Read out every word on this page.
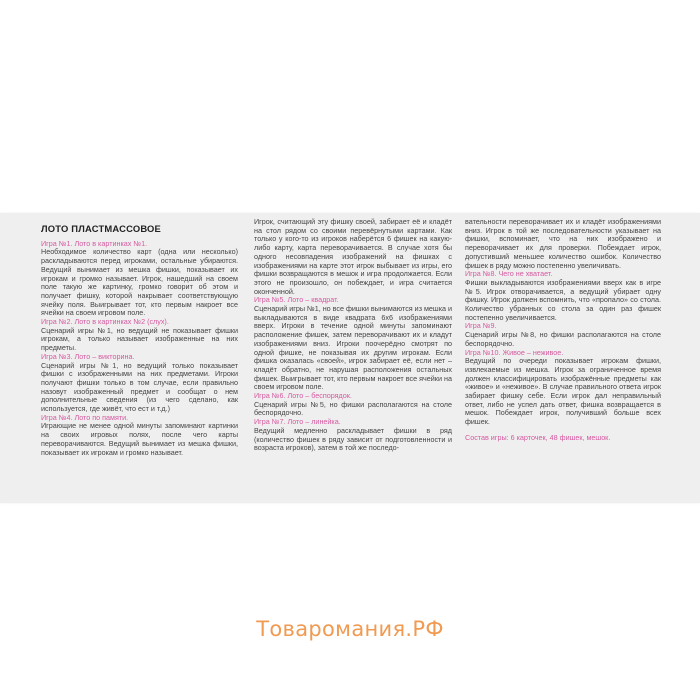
ЛОТО ПЛАСТМАССОВОЕ

Игра №1. Лото в картинках №1.
Необходимое количество карт (одна или несколько) раскладываются перед игроками, остальные убираются. Ведущий вынимает из мешка фишки, показывает их игрокам и громко называет. Игрок, нашедший на своем поле такую же картинку, громко говорит об этом и получает фишку, которой накрывает соответствующую ячейку поля. Выигрывает тот, кто первым накроет все ячейки на своем игровом поле.

Игра №2. Лото в картинках №2 (слух).
Сценарий игры №1, но ведущий не показывает фишки игрокам, а только называет изображенные на них предметы.

Игра №3. Лото – викторина.
Сценарий игры №1, но ведущий только показывает фишки с изображенными на них предметами. Игроки получают фишки только в том случае, если правильно назовут изображенный предмет и сообщат о нем дополнительные сведения (из чего сделано, как используется, где живёт, что ест и т.д.)

Игра №4. Лото по памяти.
Играющие не менее одной минуты запоминают картинки на своих игровых полях, после чего карты переворачиваются. Ведущий вынимает из мешка фишки, показывает их игрокам и громко называет.

Игрок, считающий эту фишку своей, забирает её и кладёт на стол рядом со своими перевёрнутыми картами. Как только у кого-то из игроков наберётся 6 фишек на какую-либо карту, карта переворачивается. В случае хотя бы одного несовпадения изображений на фишках с изображениями на карте этот игрок выбывает из игры, его фишки возвращаются в мешок и игра продолжается. Если этого не произошло, он побеждает, и игра считается оконченной.

Игра №5. Лото – квадрат.
Сценарий игры №1, но все фишки вынимаются из мешка и выкладываются в виде квадрата 6х6 изображениями вверх. Игроки в течение одной минуты запоминают расположение фишек, затем переворачивают их и кладут изображениями вниз. Игроки поочерёдно смотрят по одной фишке, не показывая их другим игрокам. Если фишка оказалась «своей», игрок забирает её, если нет – кладёт обратно, не нарушая расположения остальных фишек. Выигрывает тот, кто первым накроет все ячейки на своем игровом поле.

Игра №6. Лото – беспорядок.
Сценарий игры №5, но фишки располагаются на столе беспорядочно.

Игра №7. Лото – линейка.
Ведущий медленно раскладывает фишки в ряд (количество фишек в ряду зависит от подготовленности и возраста игроков), затем в той же последо-

вательности переворачивает их и кладёт изображениями вниз. Игрок в той же последовательности указывает на фишки, вспоминает, что на них изображено и переворачивает их для проверки. Побеждает игрок, допустивший меньшее количество ошибок. Количество фишек в ряду можно постепенно увеличивать.

Игра №8. Чего не хватает.
Фишки выкладываются изображениями вверх как в игре №5. Игрок отворачивается, а ведущий убирает одну фишку. Игрок должен вспомнить, что «пропало» со стола. Количество убранных со стола за один раз фишек постепенно увеличивается.

Игра №9.
Сценарий игры №8, но фишки располагаются на столе беспорядочно.

Игра №10. Живое – неживое.
Ведущий по очереди показывает игрокам фишки, извлекаемые из мешка. Игрок за ограниченное время должен классифицировать изображённые предметы как «живое» и «неживое». В случае правильного ответа игрок забирает фишку себе. Если игрок дал неправильный ответ, либо не успел дать ответ, фишка возвращается в мешок. Побеждает игрок, получивший больше всех фишек.

Состав игры: 6 карточек, 48 фишек, мешок.

Товаромания.РФ
